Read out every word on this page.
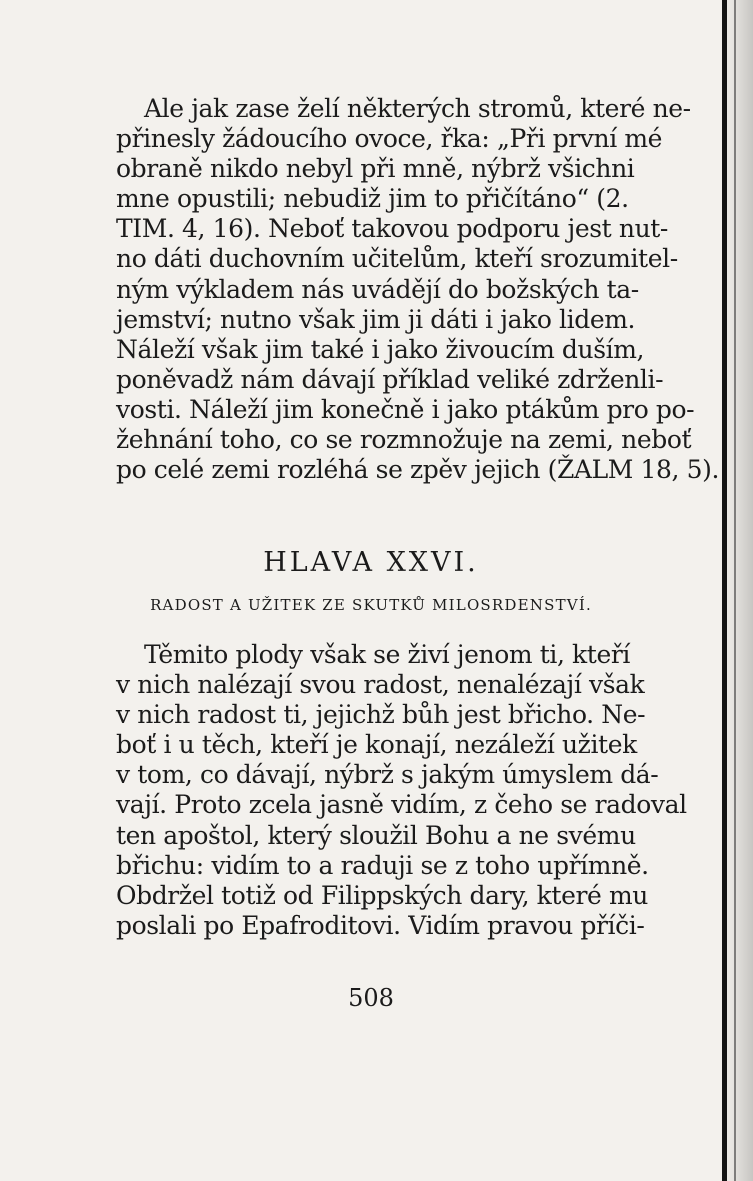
Ale jak zase želí některých stromů, které ne-
přinesly žádoucího ovoce, řka: „Při první mé
obraně nikdo nebyl při mně, nýbrž všichni
mne opustili; nebudiž jim to přičítáno“ (2.
TIM. 4, 16). Neboť takovou podporu jest nut-
no dáti duchovním učitelům, kteří srozumitel-
ným výkladem nás uvádějí do božských ta-
jemství; nutno však jim ji dáti i jako lidem.
Náleží však jim také i jako živoucím duším,
poněvadž nám dávají příklad veliké zdrženli-
vosti. Náleží jim konečně i jako ptákům pro po-
žehnání toho, co se rozmnožuje na zemi, neboť
po celé zemi rozléhá se zpěv jejich (ŽALM 18, 5).
HLAVA XXVI.
RADOST A UŽITEK ZE SKUTKŮ MILOSRDENSTVÍ.
Těmito plody však se živí jenom ti, kteří
v nich nalézají svou radost, nenalézají však
v nich radost ti, jejichž bůh jest břicho. Ne-
boť i u těch, kteří je konají, nezáleží užitek
v tom, co dávají, nýbrž s jakým úmyslem dá-
vají. Proto zcela jasně vidím, z čeho se radoval
ten apoštol, který sloužil Bohu a ne svému
břichu: vidím to a raduji se z toho upřímně.
Obdržel totiž od Filippských dary, které mu
poslali po Epafroditovi. Vidím pravou příči-
508
